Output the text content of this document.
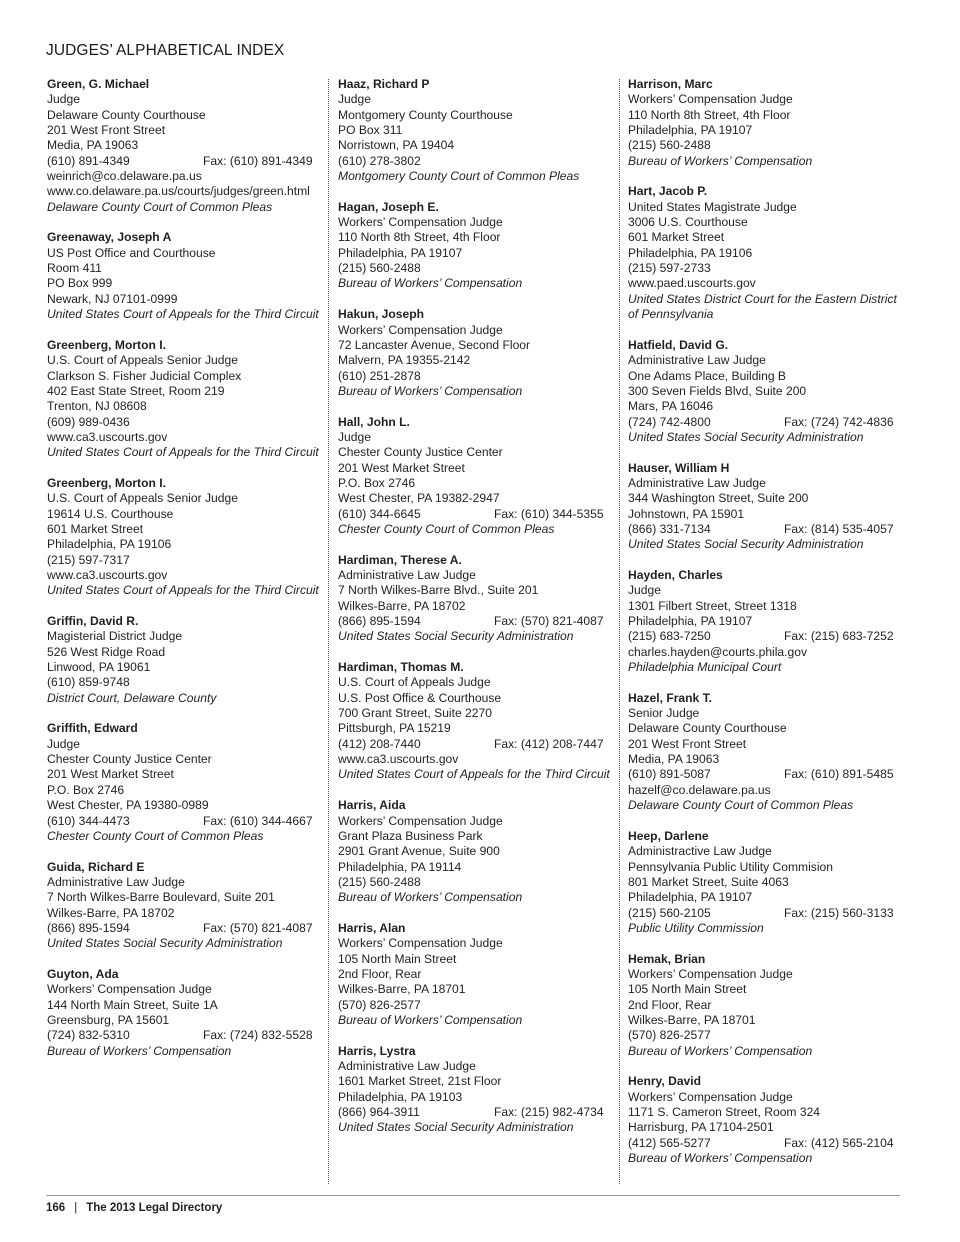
JUDGES’ ALPHABETICAL INDEX
Green, G. Michael
Judge
Delaware County Courthouse
201 West Front Street
Media, PA 19063
(610) 891-4349	Fax: (610) 891-4349
weinrich@co.delaware.pa.us
www.co.delaware.pa.us/courts/judges/green.html
Delaware County Court of Common Pleas
Greenaway, Joseph A
US Post Office and Courthouse
Room 411
PO Box 999
Newark, NJ 07101-0999
United States Court of Appeals for the Third Circuit
Greenberg, Morton I.
U.S. Court of Appeals Senior Judge
Clarkson S. Fisher Judicial Complex
402 East State Street, Room 219
Trenton, NJ 08608
(609) 989-0436
www.ca3.uscourts.gov
United States Court of Appeals for the Third Circuit
Greenberg, Morton I.
U.S. Court of Appeals Senior Judge
19614 U.S. Courthouse
601 Market Street
Philadelphia, PA 19106
(215) 597-7317
www.ca3.uscourts.gov
United States Court of Appeals for the Third Circuit
Griffin, David R.
Magisterial District Judge
526 West Ridge Road
Linwood, PA 19061
(610) 859-9748
District Court, Delaware County
Griffith, Edward
Judge
Chester County Justice Center
201 West Market Street
P.O. Box 2746
West Chester, PA 19380-0989
(610) 344-4473	Fax: (610) 344-4667
Chester County Court of Common Pleas
Guida, Richard E
Administrative Law Judge
7 North Wilkes-Barre Boulevard, Suite 201
Wilkes-Barre, PA 18702
(866) 895-1594	Fax: (570) 821-4087
United States Social Security Administration
Guyton, Ada
Workers’ Compensation Judge
144 North Main Street, Suite 1A
Greensburg, PA 15601
(724) 832-5310	Fax: (724) 832-5528
Bureau of Workers’ Compensation
Haaz, Richard P
Judge
Montgomery County Courthouse
PO Box 311
Norristown, PA 19404
(610) 278-3802
Montgomery County Court of Common Pleas
Hagan, Joseph E.
Workers’ Compensation Judge
110 North 8th Street, 4th Floor
Philadelphia, PA 19107
(215) 560-2488
Bureau of Workers’ Compensation
Hakun, Joseph
Workers’ Compensation Judge
72 Lancaster Avenue, Second Floor
Malvern, PA 19355-2142
(610) 251-2878
Bureau of Workers’ Compensation
Hall, John L.
Judge
Chester County Justice Center
201 West Market Street
P.O. Box 2746
West Chester, PA 19382-2947
(610) 344-6645	Fax: (610) 344-5355
Chester County Court of Common Pleas
Hardiman, Therese A.
Administrative Law Judge
7 North Wilkes-Barre Blvd., Suite 201
Wilkes-Barre, PA 18702
(866) 895-1594	Fax: (570) 821-4087
United States Social Security Administration
Hardiman, Thomas M.
U.S. Court of Appeals Judge
U.S. Post Office & Courthouse
700 Grant Street, Suite 2270
Pittsburgh, PA 15219
(412) 208-7440	Fax: (412) 208-7447
www.ca3.uscourts.gov
United States Court of Appeals for the Third Circuit
Harris, Aida
Workers’ Compensation Judge
Grant Plaza Business Park
2901 Grant Avenue, Suite 900
Philadelphia, PA 19114
(215) 560-2488
Bureau of Workers’ Compensation
Harris, Alan
Workers’ Compensation Judge
105 North Main Street
2nd Floor, Rear
Wilkes-Barre, PA 18701
(570) 826-2577
Bureau of Workers’ Compensation
Harris, Lystra
Administrative Law Judge
1601 Market Street, 21st Floor
Philadelphia, PA 19103
(866) 964-3911	Fax: (215) 982-4734
United States Social Security Administration
Harrison, Marc
Workers’ Compensation Judge
110 North 8th Street, 4th Floor
Philadelphia, PA 19107
(215) 560-2488
Bureau of Workers’ Compensation
Hart, Jacob P.
United States Magistrate Judge
3006 U.S. Courthouse
601 Market Street
Philadelphia, PA 19106
(215) 597-2733
www.paed.uscourts.gov
United States District Court for the Eastern District of Pennsylvania
Hatfield, David G.
Administrative Law Judge
One Adams Place, Building B
300 Seven Fields Blvd, Suite 200
Mars, PA 16046
(724) 742-4800	Fax: (724) 742-4836
United States Social Security Administration
Hauser, William H
Administrative Law Judge
344 Washington Street, Suite 200
Johnstown, PA 15901
(866) 331-7134	Fax: (814) 535-4057
United States Social Security Administration
Hayden, Charles
Judge
1301 Filbert Street, Street 1318
Philadelphia, PA 19107
(215) 683-7250	Fax: (215) 683-7252
charles.hayden@courts.phila.gov
Philadelphia Municipal Court
Hazel, Frank T.
Senior Judge
Delaware County Courthouse
201 West Front Street
Media, PA 19063
(610) 891-5087	Fax: (610) 891-5485
hazelf@co.delaware.pa.us
Delaware County Court of Common Pleas
Heep, Darlene
Administractive Law Judge
Pennsylvania Public Utility Commision
801 Market Street, Suite 4063
Philadelphia, PA 19107
(215) 560-2105	Fax: (215) 560-3133
Public Utility Commission
Hemak, Brian
Workers’ Compensation Judge
105 North Main Street
2nd Floor, Rear
Wilkes-Barre, PA 18701
(570) 826-2577
Bureau of Workers’ Compensation
Henry, David
Workers’ Compensation Judge
1171 S. Cameron Street, Room 324
Harrisburg, PA 17104-2501
(412) 565-5277	Fax: (412) 565-2104
Bureau of Workers’ Compensation
166 | The 2013 Legal Directory
